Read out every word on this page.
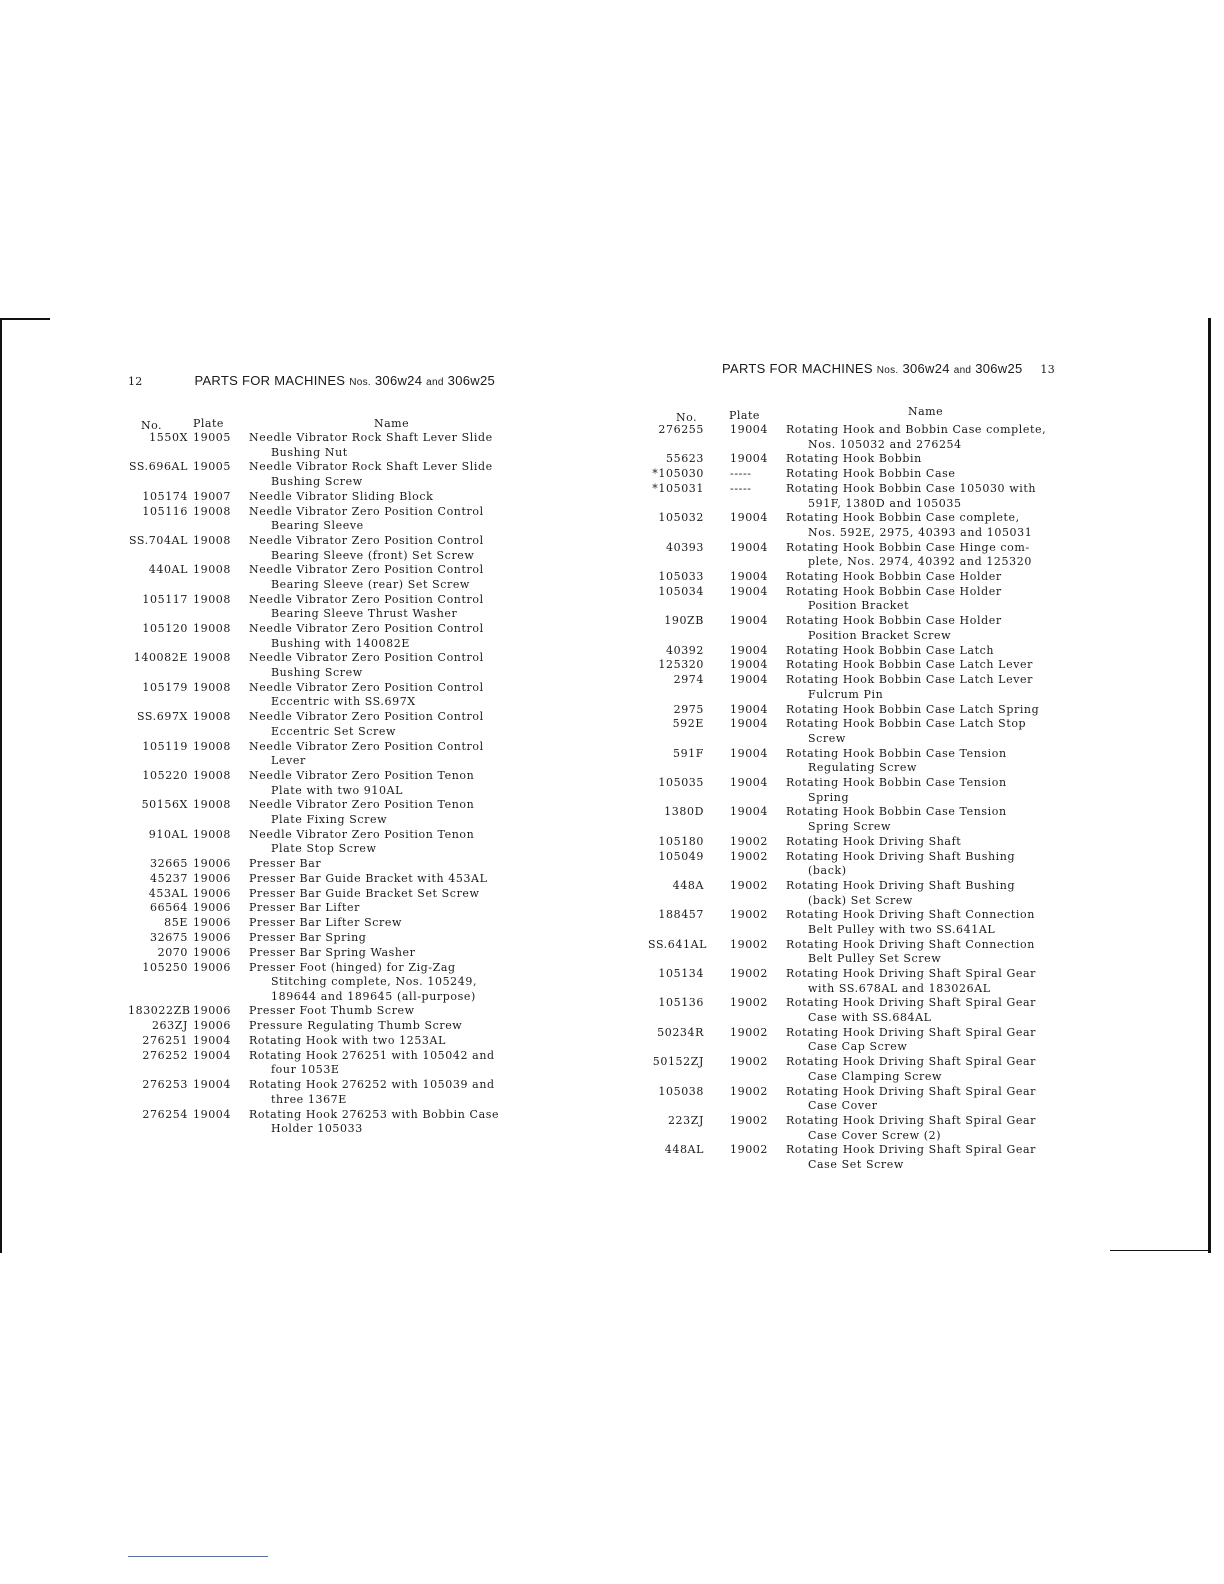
12	PARTS FOR MACHINES Nos. 306w24 and 306w25
No.	Plate	Name
1550X 19005 Needle Vibrator Rock Shaft Lever Slide
Bushing Nut
SS.696AL 19005 Needle Vibrator Rock Shaft Lever Slide
Bushing Screw
105174 19007 Needle Vibrator Sliding Block
105116 19008 Needle Vibrator Zero Position Control
Bearing Sleeve
SS.704AL 19008 Needle Vibrator Zero Position Control
Bearing Sleeve (front) Set Screw
440AL 19008 Needle Vibrator Zero Position Control
Bearing Sleeve (rear) Set Screw
105117 19008 Needle Vibrator Zero Position Control
Bearing Sleeve Thrust Washer
105120 19008 Needle Vibrator Zero Position Control
Bushing with 140082E
140082E 19008 Needle Vibrator Zero Position Control
Bushing Screw
105179 19008 Needle Vibrator Zero Position Control
Eccentric with SS.697X
SS.697X 19008 Needle Vibrator Zero Position Control
Eccentric Set Screw
105119 19008 Needle Vibrator Zero Position Control
Lever
105220 19008 Needle Vibrator Zero Position Tenon
Plate with two 910AL
50156X 19008 Needle Vibrator Zero Position Tenon
Plate Fixing Screw
910AL 19008 Needle Vibrator Zero Position Tenon
Plate Stop Screw
32665 19006 Presser Bar
45237 19006 Presser Bar Guide Bracket with 453AL
453AL 19006 Presser Bar Guide Bracket Set Screw
66564 19006 Presser Bar Lifter
85E 19006 Presser Bar Lifter Screw
32675 19006 Presser Bar Spring
2070 19006 Presser Bar Spring Washer
105250 19006 Presser Foot (hinged) for Zig-Zag
Stitching complete, Nos. 105249,
189644 and 189645 (all-purpose)
183022ZB 19006 Presser Foot Thumb Screw
263ZJ 19006 Pressure Regulating Thumb Screw
276251 19004 Rotating Hook with two 1253AL
276252 19004 Rotating Hook 276251 with 105042 and
four 1053E
276253 19004 Rotating Hook 276252 with 105039 and
three 1367E
276254 19004 Rotating Hook 276253 with Bobbin Case
Holder 105033
PARTS FOR MACHINES Nos. 306w24 and 306w25 13
No.	Plate	Name
276255 19004 Rotating Hook and Bobbin Case complete,
Nos. 105032 and 276254
55623 19004 Rotating Hook Bobbin
*105030 -----	Rotating Hook Bobbin Case
*105031 -----	Rotating Hook Bobbin Case 105030 with
591F, 1380D and 105035
105032 19004 Rotating Hook Bobbin Case complete,
Nos. 592E, 2975, 40393 and 105031
40393 19004 Rotating Hook Bobbin Case Hinge com-
plete, Nos. 2974, 40392 and 125320
105033 19004 Rotating Hook Bobbin Case Holder
105034 19004 Rotating Hook Bobbin Case Holder
Position Bracket
190ZB 19004 Rotating Hook Bobbin Case Holder
Position Bracket Screw
40392 19004 Rotating Hook Bobbin Case Latch
125320 19004 Rotating Hook Bobbin Case Latch Lever
2974 19004 Rotating Hook Bobbin Case Latch Lever
Fulcrum Pin
2975 19004 Rotating Hook Bobbin Case Latch Spring
592E 19004 Rotating Hook Bobbin Case Latch Stop
Screw
591F 19004 Rotating Hook Bobbin Case Tension
Regulating Screw
105035 19004 Rotating Hook Bobbin Case Tension
Spring
1380D 19004 Rotating Hook Bobbin Case Tension
Spring Screw
105180 19002 Rotating Hook Driving Shaft
105049 19002 Rotating Hook Driving Shaft Bushing
(back)
448A 19002 Rotating Hook Driving Shaft Bushing
(back) Set Screw
188457 19002 Rotating Hook Driving Shaft Connection
Belt Pulley with two SS.641AL
SS.641AL 19002 Rotating Hook Driving Shaft Connection
Belt Pulley Set Screw
105134 19002 Rotating Hook Driving Shaft Spiral Gear
with SS.678AL and 183026AL
105136 19002 Rotating Hook Driving Shaft Spiral Gear
Case with SS.684AL
50234R 19002 Rotating Hook Driving Shaft Spiral Gear
Case Cap Screw
50152ZJ 19002 Rotating Hook Driving Shaft Spiral Gear
Case Clamping Screw
105038 19002 Rotating Hook Driving Shaft Spiral Gear
Case Cover
223ZJ 19002 Rotating Hook Driving Shaft Spiral Gear
Case Cover Screw (2)
448AL 19002 Rotating Hook Driving Shaft Spiral Gear
Case Set Screw
